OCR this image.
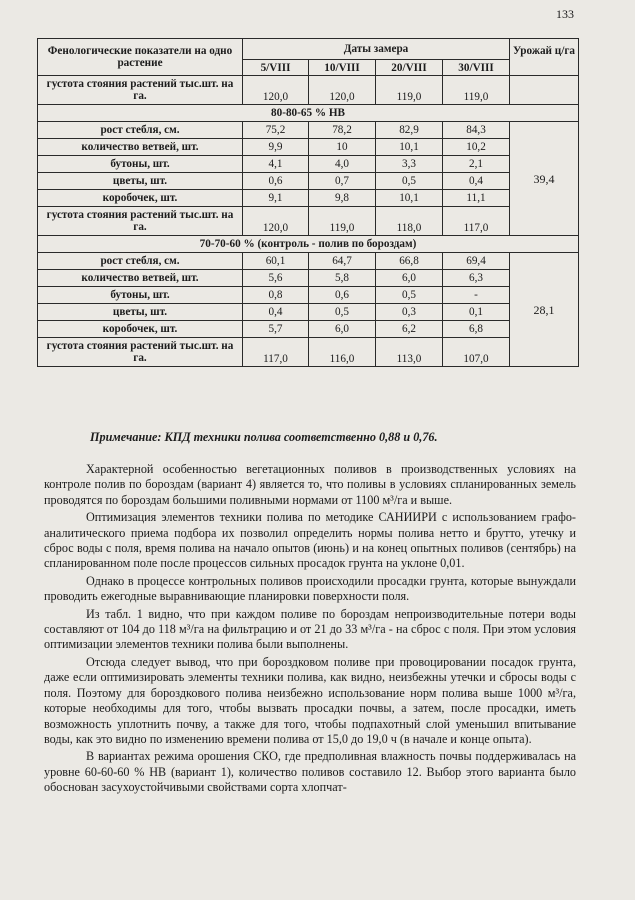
133
Фенологические показатели на одно растение	Даты замера				Урожай ц/га
	5/VIII	10/VIII	20/VIII	30/VIII	
густота стояния растений тыс.шт. на га.	120,0	120,0	119,0	119,0	
80-80-65 % НВ					
рост стебля, см.	75,2	78,2	82,9	84,3	39,4
количество ветвей, шт.	9,9	10	10,1	10,2	
бутоны, шт.	4,1	4,0	3,3	2,1	
цветы, шт.	0,6	0,7	0,5	0,4	
коробочек, шт.	9,1	9,8	10,1	11,1	
густота стояния растений тыс.шт. на га.	120,0	119,0	118,0	117,0	
70-70-60 % (контроль - полив по бороздам)					
рост стебля, см.	60,1	64,7	66,8	69,4	28,1
количество ветвей, шт.	5,6	5,8	6,0	6,3	
бутоны, шт.	0,8	0,6	0,5	-	
цветы, шт.	0,4	0,5	0,3	0,1	
коробочек, шт.	5,7	6,0	6,2	6,8	
густота стояния растений тыс.шт. на га.	117,0	116,0	113,0	107,0	
Примечание: КПД техники полива соответственно 0,88 и 0,76.

Характерной особенностью вегетационных поливов в производственных условиях на контроле полив по бороздам (вариант 4) является то, что поливы в условиях спланированных земель проводятся по бороздам большими поливными нормами от 1100 м³/га и выше.

Оптимизация элементов техники полива по методике САНИИРИ с использованием графо-аналитического приема подбора их позволил определить нормы полива нетто и брутто, утечку и сброс воды с поля, время полива на начало опытов (июнь) и на конец опытных поливов (сентябрь) на спланированном поле после процессов сильных просадок грунта на уклоне 0,01.

Однако в процессе контрольных поливов происходили просадки грунта, которые вынуждали проводить ежегодные выравнивающие планировки поверхности поля.

Из табл. 1 видно, что при каждом поливе по бороздам непроизводительные потери воды составляют от 104 до 118 м³/га на фильтрацию и от 21 до 33 м³/га - на сброс с поля. При этом условия оптимизации элементов техники полива были выполнены.

Отсюда следует вывод, что при бороздковом поливе при провоцировании посадок грунта, даже если оптимизировать элементы техники полива, как видно, неизбежны утечки и сбросы воды с поля. Поэтому для бороздкового полива неизбежно использование норм полива выше 1000 м³/га, которые необходимы для того, чтобы вызвать просадки почвы, а затем, после просадки, иметь возможность уплотнить почву, а также для того, чтобы подпахотный слой уменьшил впитывание воды, как это видно по изменению времени полива от 15,0 до 19,0 ч (в начале и конце опыта).

В вариантах режима орошения СКО, где предполивная влажность почвы поддерживалась на уровне 60-60-60 % НВ (вариант 1), количество поливов составило 12. Выбор этого варианта было обоснован засухоустойчивыми свойствами сорта хлопчат-
